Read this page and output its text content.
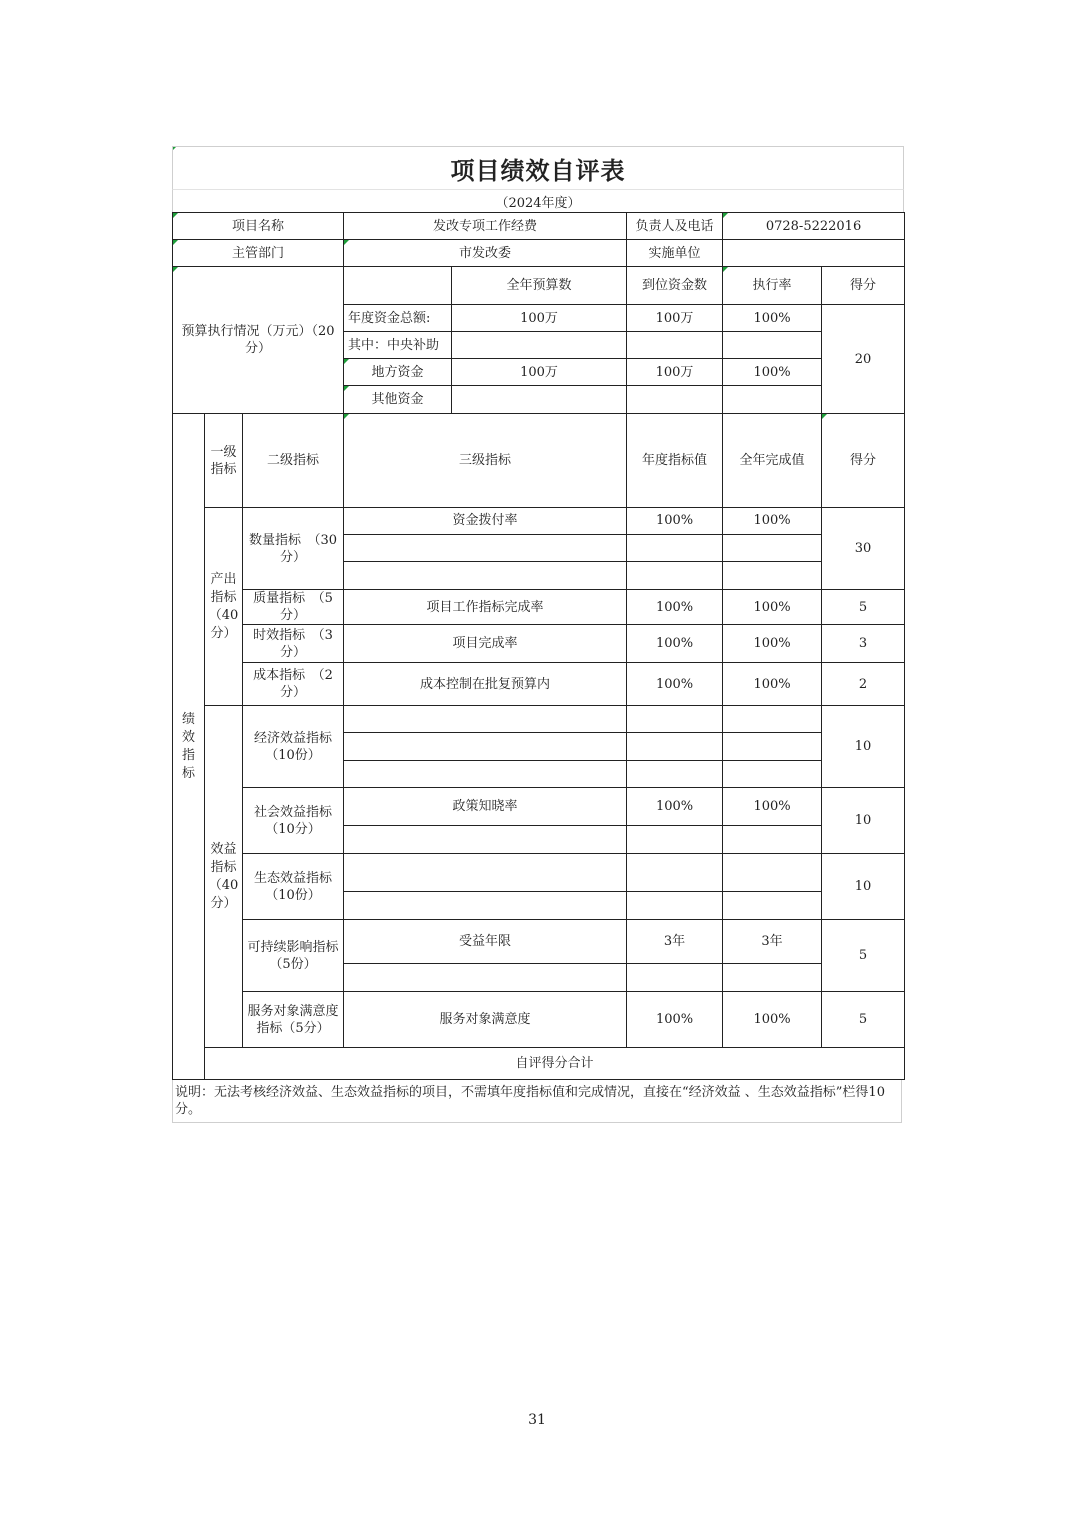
项目绩效自评表
（2024年度）
项目名称			发改专项工作经费		负责人及电话	0728-5222016		
主管部门			市发改委		实施单位			
预算执行情况（万元）（20分）				全年预算数	到位资金数	执行率	得分	
			年度资金总额:	100万	100万	100%	20	
			其中：中央补助					
			地方资金	100万	100万	100%		
			其他资金					

绩效指标	一级指标	二级指标	三级指标		年度指标值	全年完成值	得分	

	产出指标（40分）	数量指标　（30分）	资金拨付率		100%	100%	30	

		质量指标　（5分）	项目工作指标完成率		100%	100%	5	
		时效指标　（3分）	项目完成率		100%	100%	3	
		成本指标　（2分）	成本控制在批复预算内		100%	100%	2	

	效益指标（40分）	经济效益指标（10份）					10	

		社会效益指标（10分）	政策知晓率		100%	100%	10	

		生态效益指标（10份）					10	

		可持续影响指标（5份）	受益年限		3年	3年	5	

		服务对象满意度指标（5分）	服务对象满意度		100%	100%	5	
	自评得分合计	
说明：无法考核经济效益、生态效益指标的项目，不需填年度指标值和完成情况，直接在“经济效益 、生态效益指标”栏得10分。
31
